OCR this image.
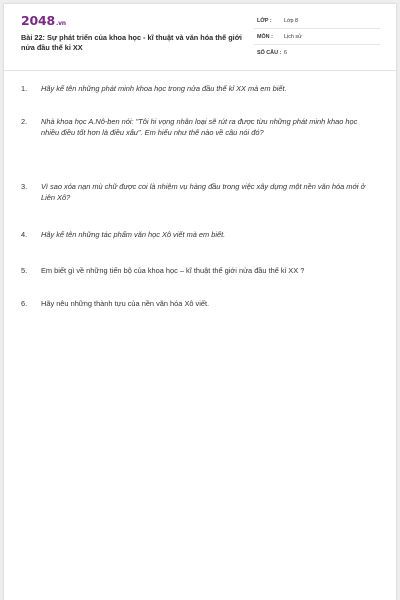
2048.vn
Bài 22: Sự phát triển của khoa học - kĩ thuật và văn hóa thế giới nửa đầu thế kỉ XX
LỚP : Lớp 8
MÔN : Lịch sử
SỐ CÂU : 6
1.	Hãy kể tên những phát minh khoa học trong nửa đầu thế kỉ XX mà em biết.
2.	Nhà khoa học A.Nô-ben nói: "Tôi hi vọng nhân loại sẽ rút ra được từu những phát minh khao học nhiều điều tốt hơn là điều xấu". Em hiểu như thế nào về câu nói đó?
3.	Vì sao xóa nạn mù chữ được coi là nhiệm vụ hàng đầu trong việc xây dựng một nền văn hóa mới ở Liên Xô?
4.	Hãy kể tên những tác phẩm văn học Xô viết mà em biết.
5.	Em biết gì về những tiến bộ của khoa học – kĩ thuật thế giới nửa đầu thế kỉ XX ?
6.	Hãy nêu những thành tựu của nền văn hóa Xô viết.
